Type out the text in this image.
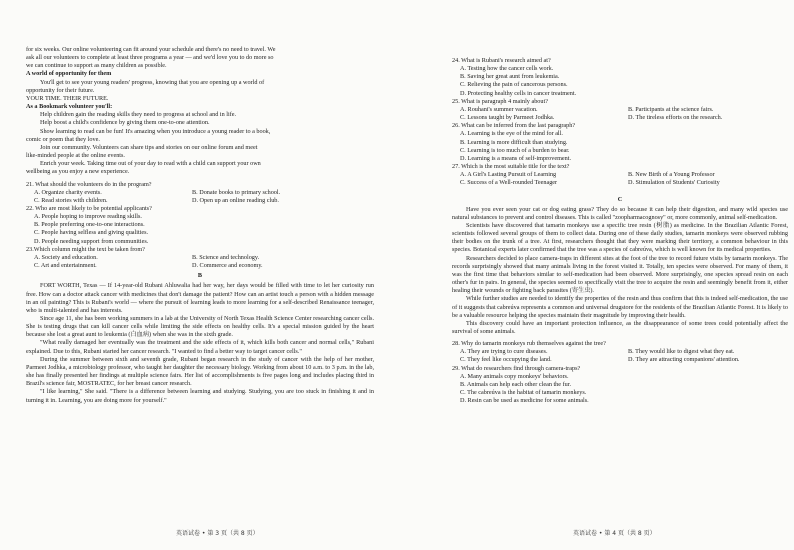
for six weeks. Our online volunteering can fit around your schedule and there's no need to travel. We

ask all our volunteers to complete at least three programs a year — and we'd love you to do more so

we can continue to support as many children as possible.

A world of opportunity for them

You'll get to see your young readers' progress, knowing that you are opening up a world of

opportunity for their future.

YOUR TIME. THEIR FUTURE.

As a Bookmark volunteer you'll:

Help children gain the reading skills they need to progress at school and in life.

Help boost a child's confidence by giving them one-to-one attention.

Show learning to read can be fun! It's amazing when you introduce a young reader to a book,

comic or poem that they love.

Join our community. Volunteers can share tips and stories on our online forum and meet

like-minded people at the online events.

Enrich your week. Taking time out of your day to read with a child can support your own

wellbeing as you enjoy a new experience.

21. What should the volunteers do in the program?

A. Organize charity events.	B. Donate books to primary school.
C. Read stories with children.	D. Open up an online reading club.

22. Who are most likely to be potential applicants?

A. People hoping to improve reading skills.

B. People preferring one-to-one interactions.

C. People having selfless and giving qualities.

D. People needing support from communities.

23.Which column might the text be taken from?

A. Society and education.	B. Science and technology.
C. Art and entertainment.	D. Commerce and economy.

B

FORT WORTH, Texas — If 14-year-old Rubani Ahluwalia had her way, her days would be filled with time to let her curiosity run free. How can a doctor attack cancer with medicines that don't damage the patient? How can an artist touch a person with a hidden message in an oil painting? This is Rubani's world — where the pursuit of learning leads to more learning for a self-described Renaissance teenager, who is multi-talented and has interests.

Since age 11, she has been working summers in a lab at the University of North Texas Health Science Center researching cancer cells. She is testing drugs that can kill cancer cells while limiting the side effects on healthy cells. It's a special mission guided by the heart because she lost a great aunt to leukemia (白血病) when she was in the sixth grade.

"What really damaged her eventually was the treatment and the side effects of it, which kills both cancer and normal cells," Rubani explained. Due to this, Rubani started her cancer research. "I wanted to find a better way to target cancer cells."

During the summer between sixth and seventh grade, Rubani began research in the study of cancer with the help of her mother, Parmeet Jodhka, a microbiology professor, who taught her daughter the necessary biology. Working from about 10 a.m. to 3 p.m. in the lab, she has finally presented her findings at multiple science fairs. Her list of accomplishments is five pages long and includes placing third in Brazil's science fair, MOSTRATEC, for her breast cancer research.

"I like learning," She said. "There is a difference between learning and studying. Studying, you are too stuck in finishing it and in turning it in. Learning, you are doing more for yourself."

24. What is Rubani's research aimed at?

A. Testing how the cancer cells work.

B. Saving her great aunt from leukemia.

C. Relieving the pain of cancerous persons.

D. Protecting healthy cells in cancer treatment.

25. What is paragraph 4 mainly about?

A. Rouhani's summer vacation.	B. Participants at the science fairs.
C. Lessons taught by Parmeet Jodhka.	D. The tireless efforts on the research.

26. What can be inferred from the last paragraph?

A. Learning is the eye of the mind for all.

B. Learning is more difficult than studying.

C. Learning is too much of a burden to bear.

D. Learning is a means of self-improvement.

27. Which is the most suitable title for the text?

A. A Girl's Lasting Pursuit of Learning	B. New Birth of a Young Professor
C. Success of a Well-rounded Teenager	D. Stimulation of Students' Curiosity

C

Have you ever seen your cat or dog eating grass? They do so because it can help their digestion, and many wild species use natural substances to prevent and control diseases. This is called "zoopharmacognosy" or, more commonly, animal self-medication.

Scientists have discovered that tamarin monkeys use a specific tree resin (树脂) as medicine. In the Brazilian Atlantic Forest, scientists followed several groups of them to collect data. During one of these daily studies, tamarin monkeys were observed rubbing their bodies on the trunk of a tree. At first, researchers thought that they were marking their territory, a common behaviour in this species. Botanical experts later confirmed that the tree was a species of cabreúva, which is well known for its medical properties.

Researchers decided to place camera-traps in different sites at the foot of the tree to record future visits by tamarin monkeys. The records surprisingly showed that many animals living in the forest visited it. Totally, ten species were observed. For many of them, it was the first time that behaviors similar to self-medication had been observed. More surprisingly, one species spread resin on each other's fur in pairs. In general, the species seemed to specifically visit the tree to acquire the resin and seemingly benefit from it, either healing their wounds or fighting back parasites (寄生虫).

While further studies are needed to identify the properties of the resin and thus confirm that this is indeed self-medication, the use of it suggests that cabreúva represents a common and universal drugstore for the residents of the Brazilian Atlantic Forest. It is likely to be a valuable resource helping the species maintain their magnitude by improving their health.

This discovery could have an important protection influence, as the disappearance of some trees could potentially affect the survival of some animals.

28. Why do tamarin monkeys rub themselves against the tree?

A. They are trying to cure diseases.	B. They would like to digest what they eat.
C. They feel like occupying the land.	D. They are attracting companions' attention.

29. What do researchers find through camera-traps?

A. Many animals copy monkeys' behaviors.

B. Animals can help each other clean the fur.

C. The cabreúva is the habitat of tamarin monkeys.

D. Resin can be used as medicine for some animals.

英语试卷 • 第 3 页（共 8 页）	英语试卷 • 第 4 页（共 8 页）
